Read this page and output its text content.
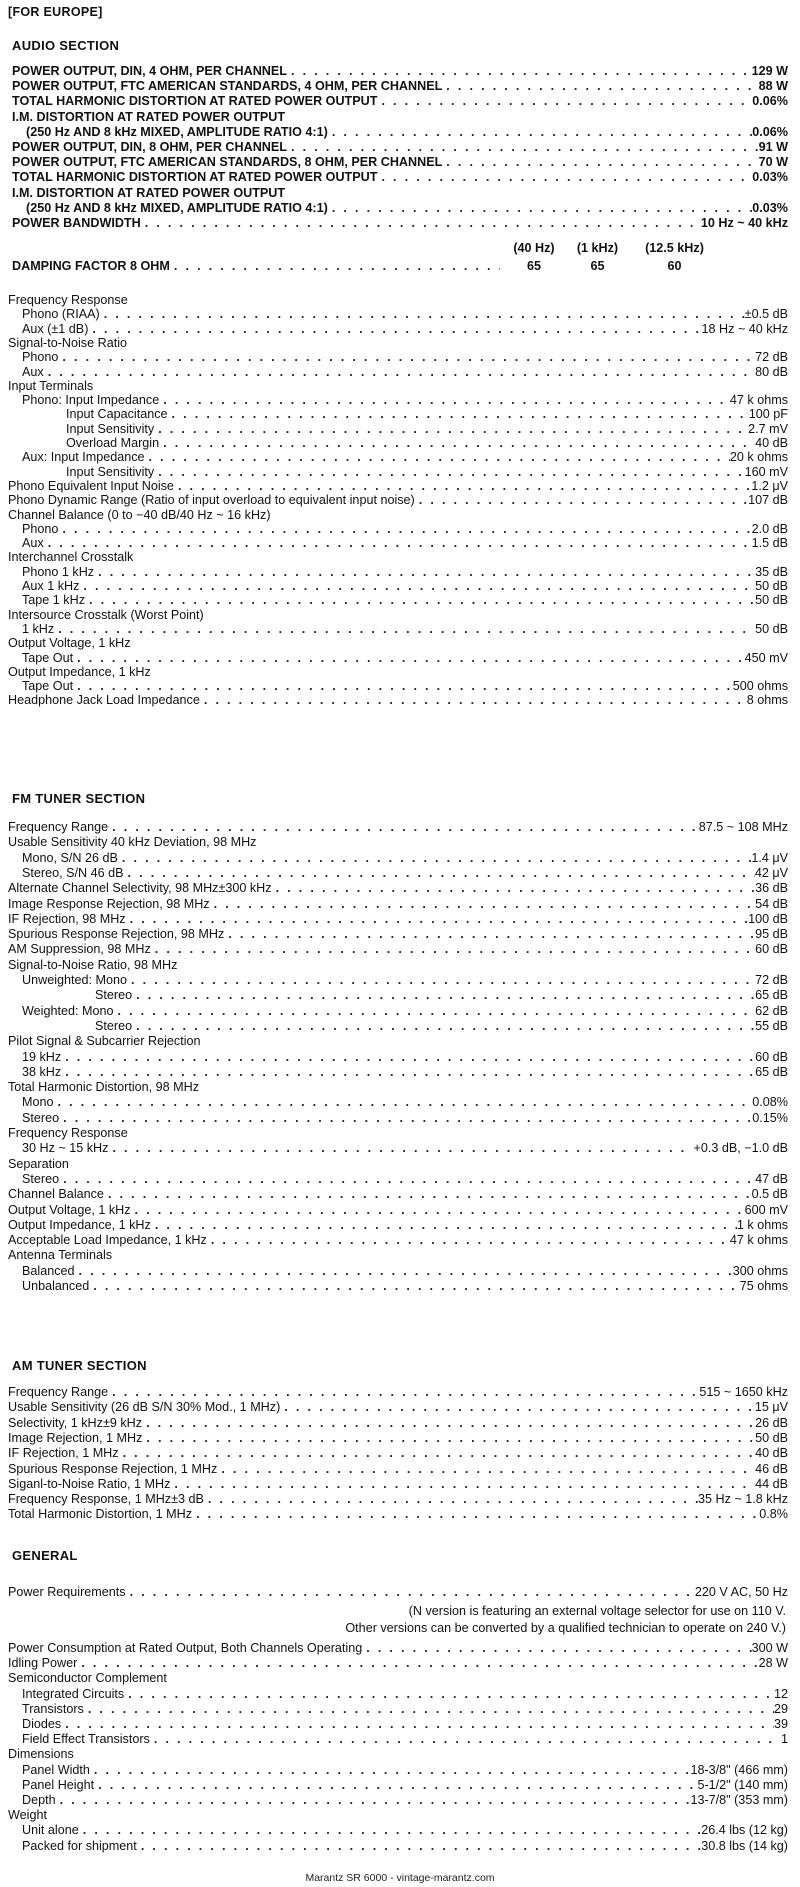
[FOR EUROPE]
AUDIO SECTION
POWER OUTPUT, DIN, 4 OHM, PER CHANNEL . . .	129 W
POWER OUTPUT, FTC AMERICAN STANDARDS, 4 OHM, PER CHANNEL . . .	88 W
TOTAL HARMONIC DISTORTION AT RATED POWER OUTPUT . . .	0.06%
I.M. DISTORTION AT RATED POWER OUTPUT
(250 Hz AND 8 kHz MIXED, AMPLITUDE RATIO 4:1) . . .	0.06%
POWER OUTPUT, DIN, 8 OHM, PER CHANNEL . . .	91 W
POWER OUTPUT, FTC AMERICAN STANDARDS, 8 OHM, PER CHANNEL . . .	70 W
TOTAL HARMONIC DISTORTION AT RATED POWER OUTPUT . . .	0.03%
I.M. DISTORTION AT RATED POWER OUTPUT
(250 Hz AND 8 kHz MIXED, AMPLITUDE RATIO 4:1) . . .	0.03%
POWER BANDWIDTH . . .	10 Hz ~ 40 kHz
(40 Hz) (1 kHz) (12.5 kHz)
DAMPING FACTOR 8 OHM . . .	65	65	60
Frequency Response
Phono (RIAA) . . .	±0.5 dB
Aux (±1 dB) . . .	18 Hz ~ 40 kHz
Signal-to-Noise Ratio
Phono . . .	72 dB
Aux . . .	80 dB
Input Terminals
Phono: Input Impedance . . .	47 k ohms
Input Capacitance . . .	100 pF
Input Sensitivity . . .	2.7 mV
Overload Margin . . .	40 dB
Aux: Input Impedance . . .	20 k ohms
Input Sensitivity . . .	160 mV
Phono Equivalent Input Noise . . .	1.2 μV
Phono Dynamic Range (Ratio of input overload to equivalent input noise) . . .	107 dB
Channel Balance (0 to −40 dB/40 Hz ~ 16 kHz)
Phono . . .	2.0 dB
Aux . . .	1.5 dB
Interchannel Crosstalk
Phono 1 kHz . . .	35 dB
Aux 1 kHz . . .	50 dB
Tape 1 kHz . . .	50 dB
Intersource Crosstalk (Worst Point)
1 kHz . . .	50 dB
Output Voltage, 1 kHz
Tape Out . . .	450 mV
Output Impedance, 1 kHz
Tape Out . . .	500 ohms
Headphone Jack Load Impedance . . .	8 ohms
FM TUNER SECTION
Frequency Range . . .	87.5 ~ 108 MHz
Usable Sensitivity 40 kHz Deviation, 98 MHz
Mono, S/N 26 dB . . .	1.4 μV
Stereo, S/N 46 dB . . .	42 μV
Alternate Channel Selectivity, 98 MHz±300 kHz . . .	36 dB
Image Response Rejection, 98 MHz . . .	54 dB
IF Rejection, 98 MHz . . .	100 dB
Spurious Response Rejection, 98 MHz . . .	95 dB
AM Suppression, 98 MHz . . .	60 dB
Signal-to-Noise Ratio, 98 MHz
Unweighted: Mono . . .	72 dB
Stereo . . .	65 dB
Weighted: Mono . . .	62 dB
Stereo . . .	55 dB
Pilot Signal & Subcarrier Rejection
19 kHz . . .	60 dB
38 kHz . . .	65 dB
Total Harmonic Distortion, 98 MHz
Mono . . .	0.08%
Stereo . . .	0.15%
Frequency Response
30 Hz ~ 15 kHz . . .	+0.3 dB, −1.0 dB
Separation
Stereo . . .	47 dB
Channel Balance . . .	0.5 dB
Output Voltage, 1 kHz . . .	600 mV
Output Impedance, 1 kHz . . .	1 k ohms
Acceptable Load Impedance, 1 kHz . . .	47 k ohms
Antenna Terminals
Balanced . . .	300 ohms
Unbalanced . . .	75 ohms
AM TUNER SECTION
Frequency Range . . .	515 ~ 1650 kHz
Usable Sensitivity (26 dB S/N 30% Mod., 1 MHz) . . .	15 μV
Selectivity, 1 kHz±9 kHz . . .	26 dB
Image Rejection, 1 MHz . . .	50 dB
IF Rejection, 1 MHz . . .	40 dB
Spurious Response Rejection, 1 MHz . . .	46 dB
Siganl-to-Noise Ratio, 1 MHz . . .	44 dB
Frequency Response, 1 MHz±3 dB . . .	35 Hz ~ 1.8 kHz
Total Harmonic Distortion, 1 MHz . . .	0.8%
GENERAL
Power Requirements . . .	220 V AC, 50 Hz
(N version is featuring an external voltage selector for use on 110 V.
Other versions can be converted by a qualified technician to operate on 240 V.)
Power Consumption at Rated Output, Both Channels Operating . . .	300 W
Idling Power . . .	28 W
Semiconductor Complement
Integrated Circuits . . .	12
Transistors . . .	29
Diodes . . .	39
Field Effect Transistors . . .	1
Dimensions
Panel Width . . .	18-3/8" (466 mm)
Panel Height . . .	5-1/2" (140 mm)
Depth . . .	13-7/8" (353 mm)
Weight
Unit alone . . .	26.4 lbs (12 kg)
Packed for shipment . . .	30.8 lbs (14 kg)
Marantz SR 6000 - vintage-marantz.com
